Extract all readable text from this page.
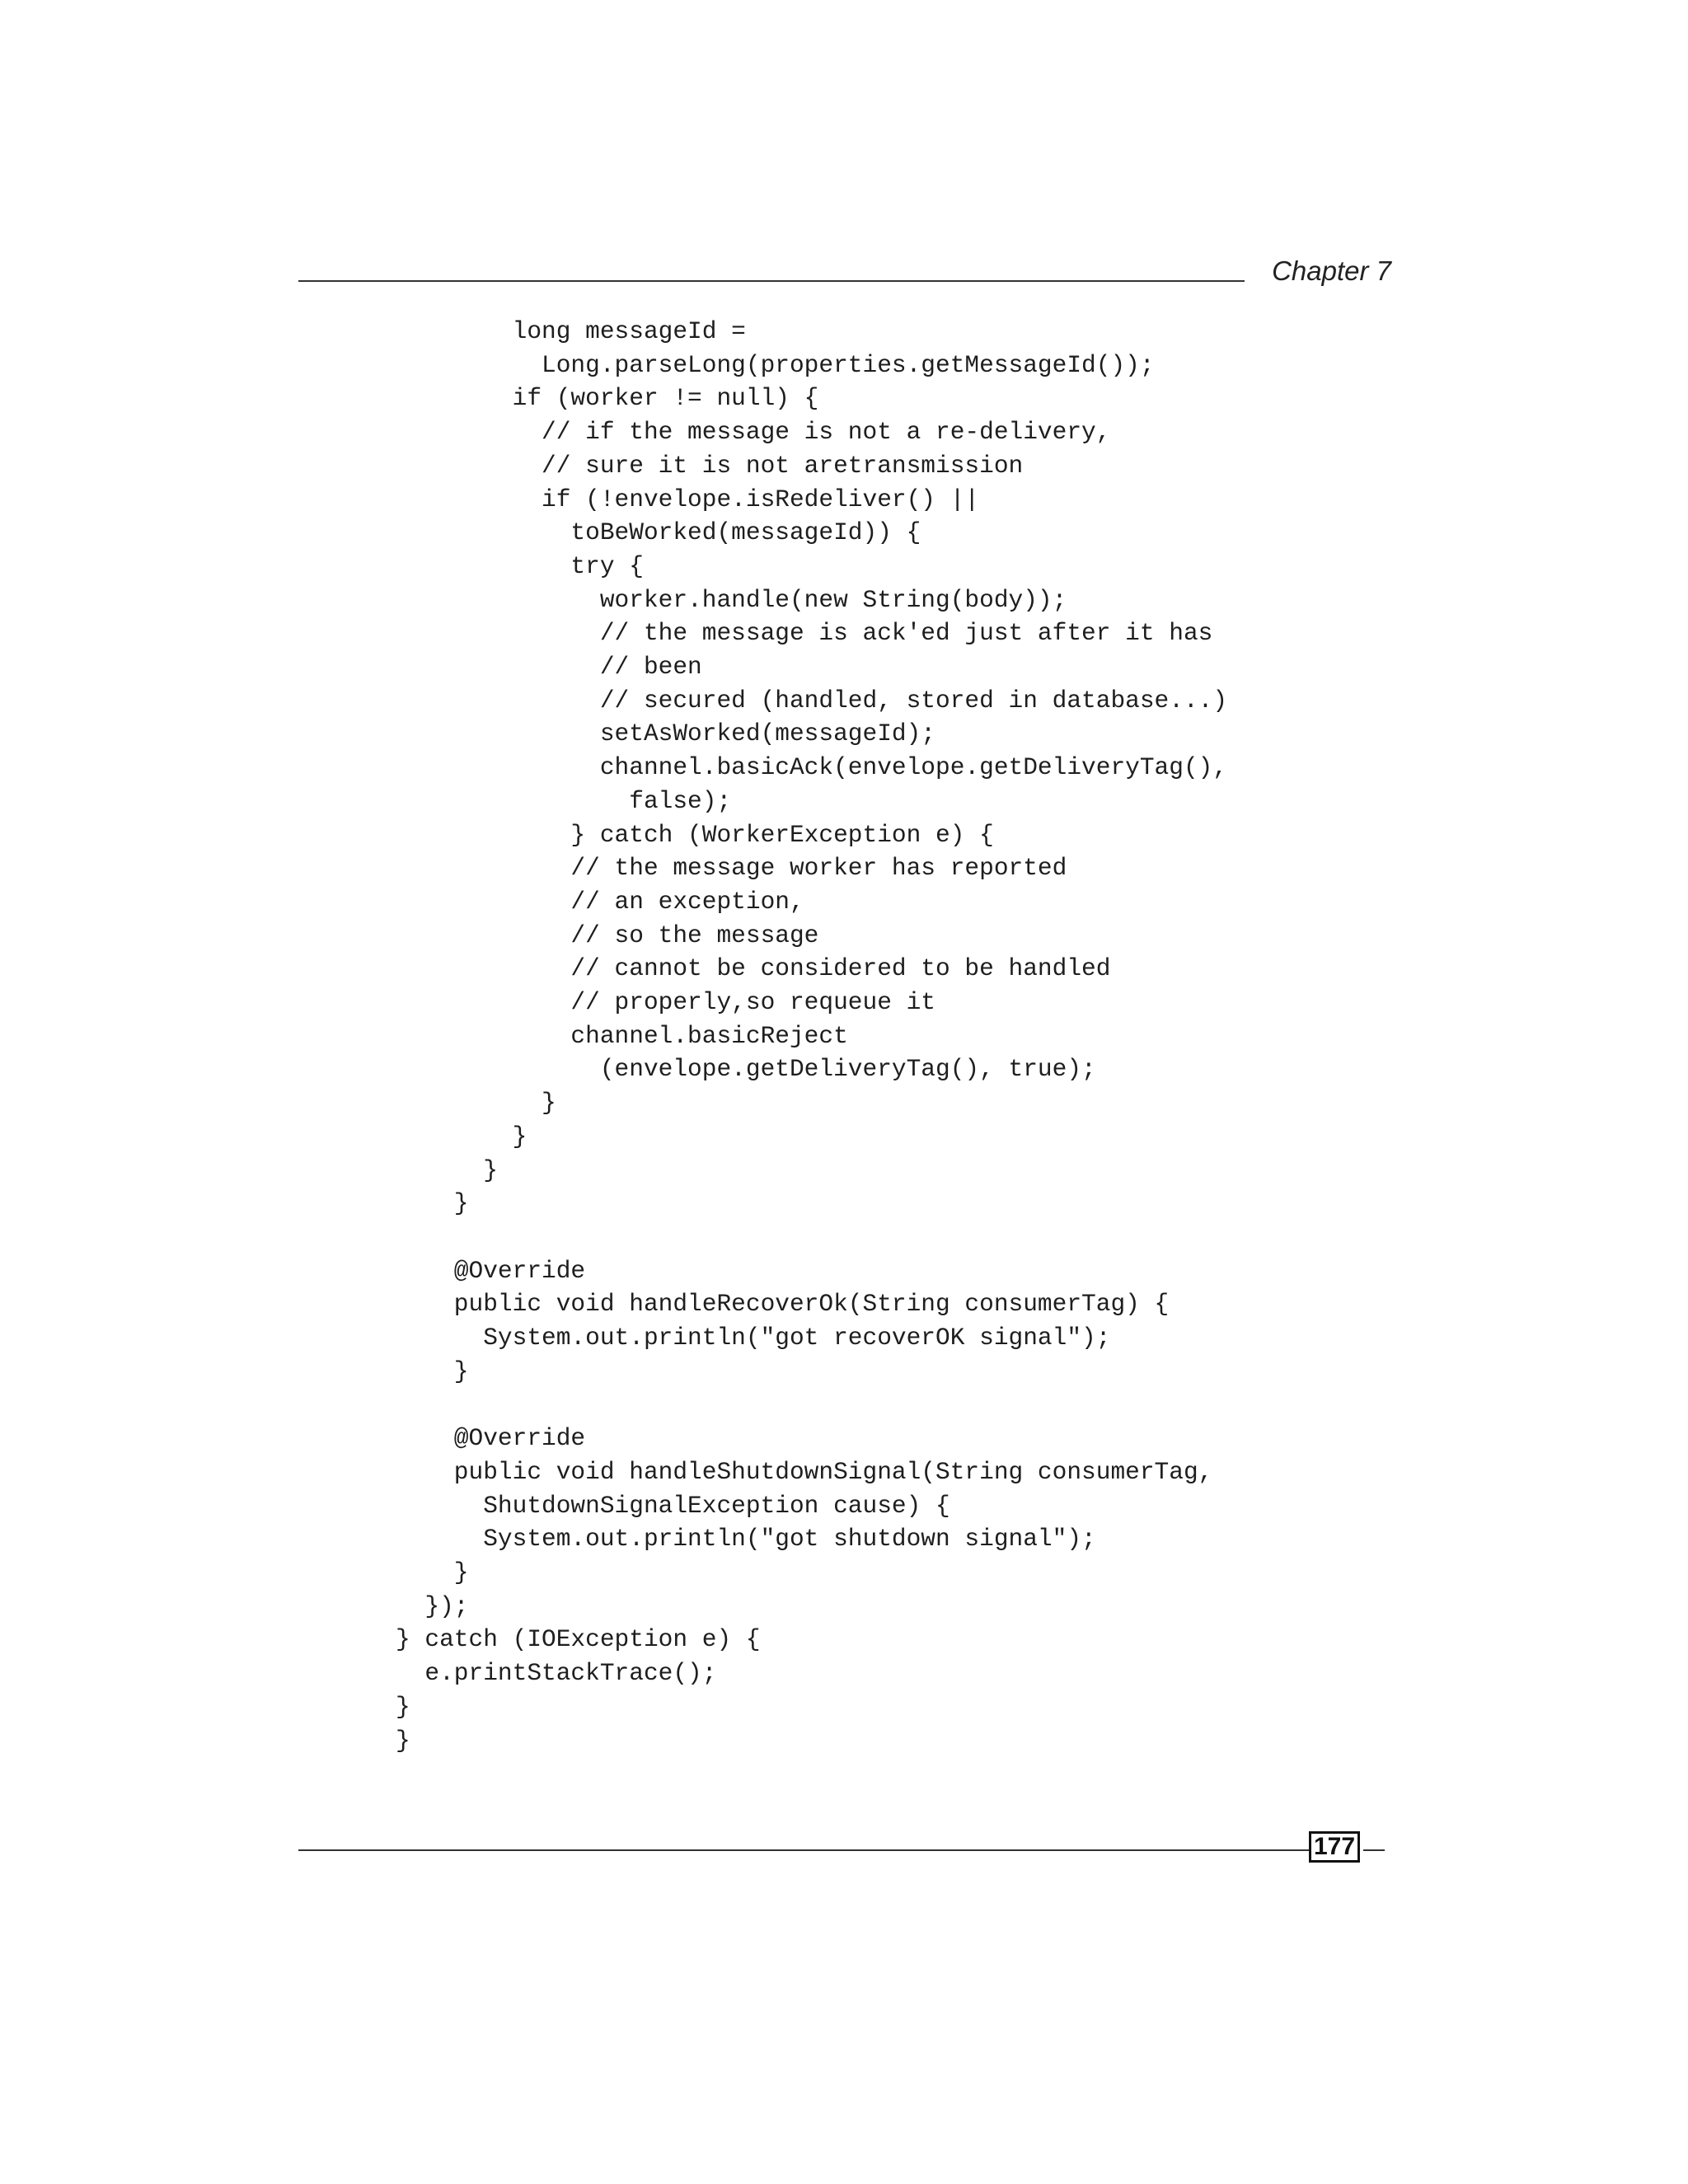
Chapter 7
long messageId =
Long.parseLong(properties.getMessageId());
if (worker != null) {
// if the message is not a re-delivery,
// sure it is not aretransmission
if (!envelope.isRedeliver() ||
toBeWorked(messageId)) {
try {
worker.handle(new String(body));
// the message is ack'ed just after it has
// been
// secured (handled, stored in database...)
setAsWorked(messageId);
channel.basicAck(envelope.getDeliveryTag(),
false);
} catch (WorkerException e) {
// the message worker has reported
// an exception,
// so the message
// cannot be considered to be handled
// properly,so requeue it
channel.basicReject
(envelope.getDeliveryTag(), true);
}
}
}
}
@Override
public void handleRecoverOk(String consumerTag) {
System.out.println("got recoverOK signal");
}
@Override
public void handleShutdownSignal(String consumerTag,
ShutdownSignalException cause) {
System.out.println("got shutdown signal");
}
});
} catch (IOException e) {
e.printStackTrace();
}
}
177
